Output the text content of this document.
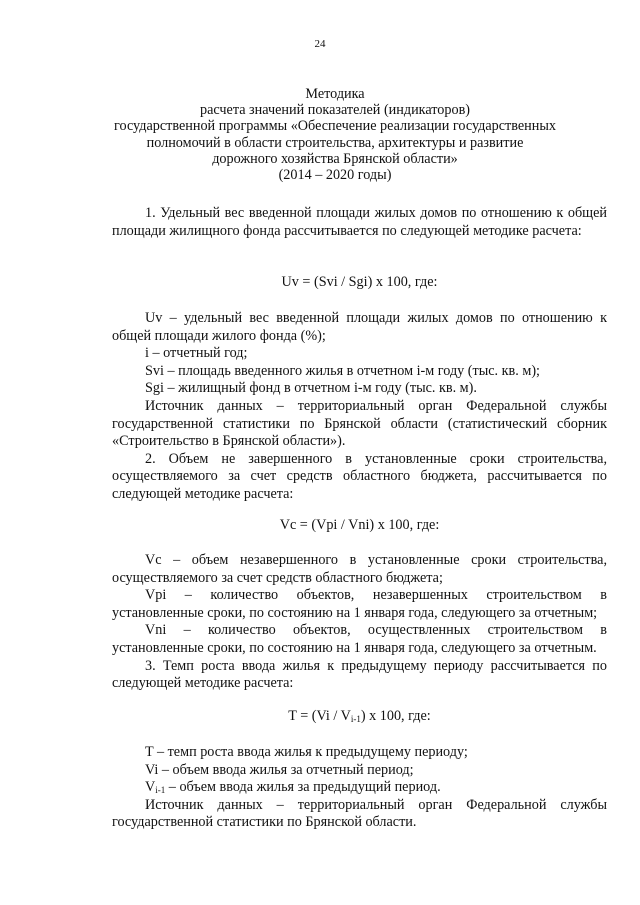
24
Методика
расчета значений показателей (индикаторов)
государственной программы «Обеспечение реализации государственных
полномочий в области строительства, архитектуры и развитие
дорожного хозяйства Брянской области»
(2014 – 2020 годы)

1. Удельный вес введенной площади жилых домов по отношению к общей площади жилищного фонда рассчитывается по следующей методике расчета:

Uv = (Svi / Sgi) х 100, где:

Uv – удельный вес введенной площади жилых домов по отношению к общей площади жилого фонда (%);

i – отчетный год;

Svi – площадь введенного жилья в отчетном i-м году (тыс. кв. м);

Sgi – жилищный фонд в отчетном i-м году (тыс. кв. м).

Источник данных – территориальный орган Федеральной службы государственной статистики по Брянской области (статистический сборник «Строительство в Брянской области»).

2. Объем не завершенного в установленные сроки строительства, осуществляемого за счет средств областного бюджета, рассчитывается по следующей методике расчета:

Vc = (Vpi / Vni) х 100, где:

Vc – объем незавершенного в установленные сроки строительства, осуществляемого за счет средств областного бюджета;

Vpi – количество объектов, незавершенных строительством в установленные сроки, по состоянию на 1 января года, следующего за отчетным;

Vni – количество объектов, осуществленных строительством в установленные сроки, по состоянию на 1 января года, следующего за отчетным.

3. Темп роста ввода жилья к предыдущему периоду рассчитывается по следующей методике расчета:

$T = (Vi / V_{i-1})$ х 100, где:

T – темп роста ввода жилья к предыдущему периоду;

Vi – объем ввода жилья за отчетный период;

$V_{i-1}$ – объем ввода жилья за предыдущий период.

Источник данных – территориальный орган Федеральной службы государственной статистики по Брянской области.
